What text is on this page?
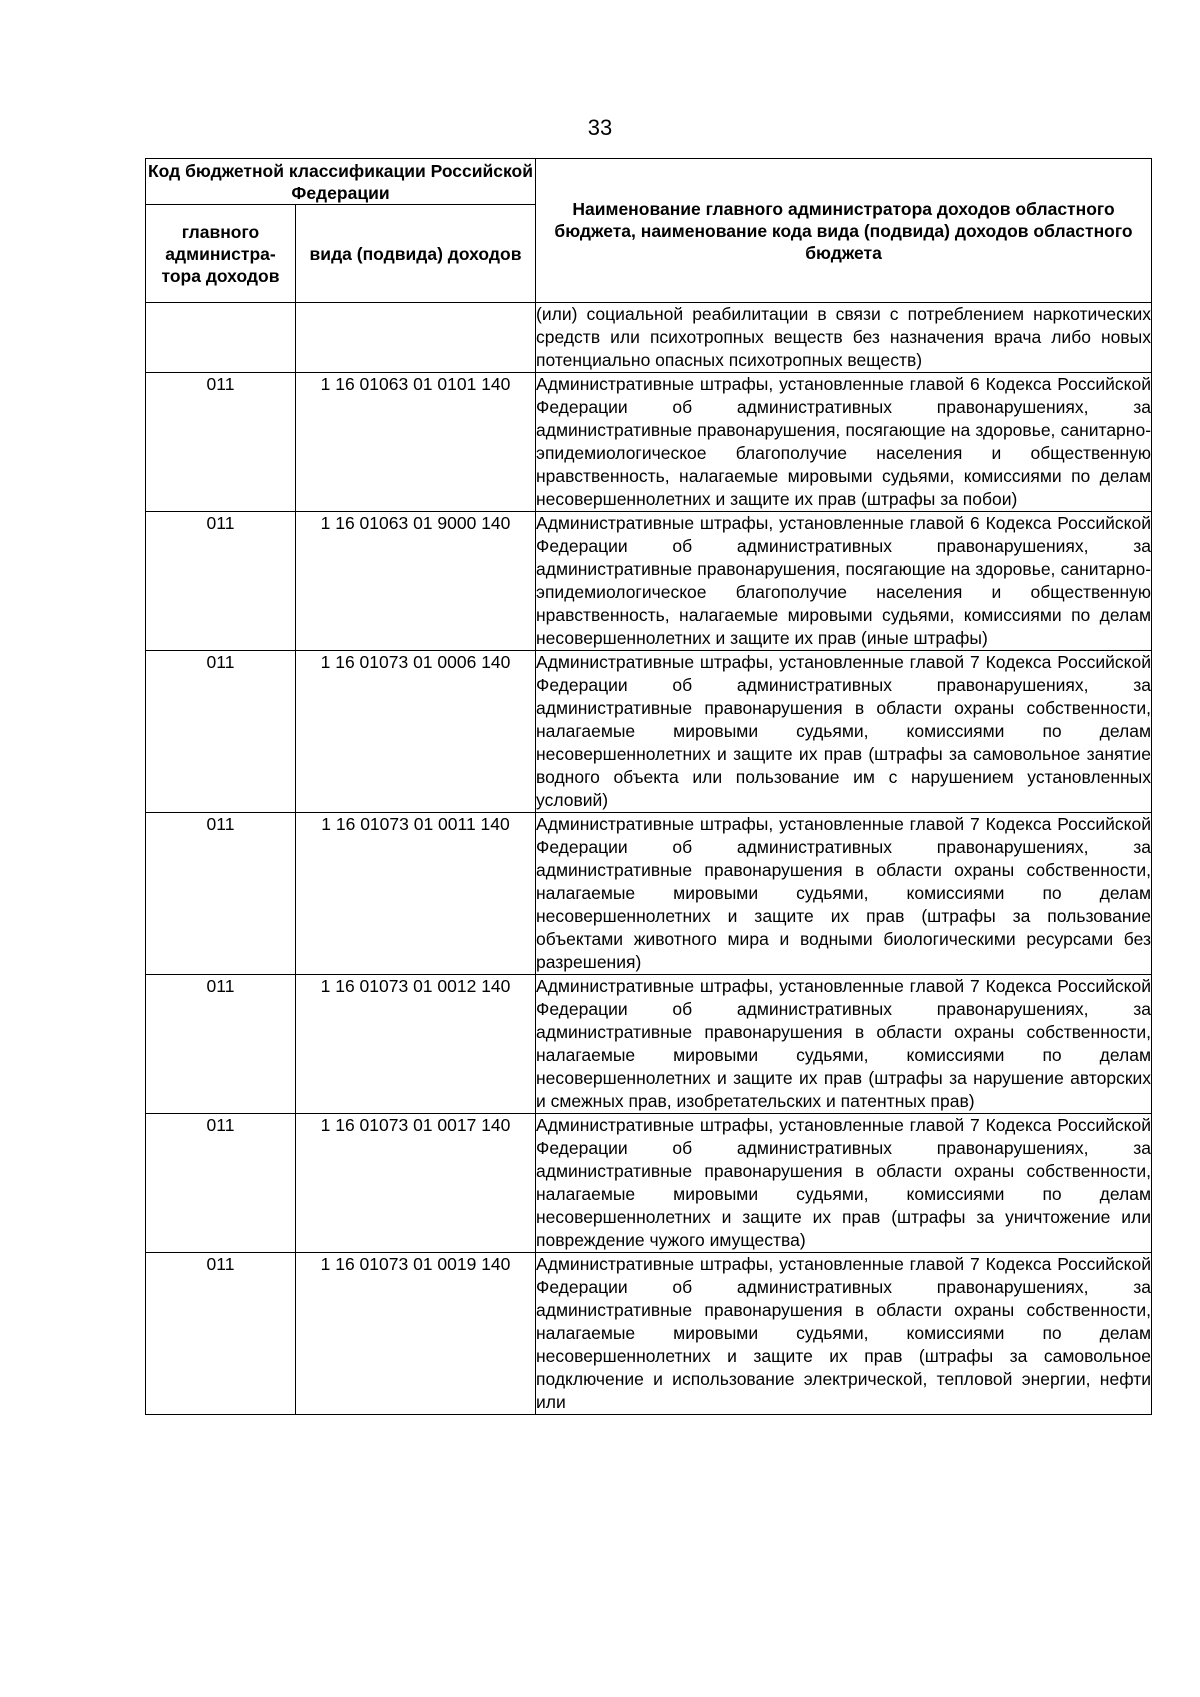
33
Код бюджетной классификации Российской Федерации		Наименование главного администратора доходов областного бюджета, наименование кода вида (подвида) доходов областного бюджета
главного администра-тора доходов	вида (подвида) доходов	
		(или) социальной реабилитации в связи с потреблением наркотических средств или психотропных веществ без назначения врача либо новых потенциально опасных психотропных веществ)
011	1 16 01063 01 0101 140	Административные штрафы, установленные главой 6 Кодекса Российской Федерации об административных правонарушениях, за административные правонарушения, посягающие на здоровье, санитарно-эпидемиологическое благополучие населения и общественную нравственность, налагаемые мировыми судьями, комиссиями по делам несовершеннолетних и защите их прав (штрафы за побои)
011	1 16 01063 01 9000 140	Административные штрафы, установленные главой 6 Кодекса Российской Федерации об административных правонарушениях, за административные правонарушения, посягающие на здоровье, санитарно-эпидемиологическое благополучие населения и общественную нравственность, налагаемые мировыми судьями, комиссиями по делам несовершеннолетних и защите их прав (иные штрафы)
011	1 16 01073 01 0006 140	Административные штрафы, установленные главой 7 Кодекса Российской Федерации об административных правонарушениях, за административные правонарушения в области охраны собственности, налагаемые мировыми судьями, комиссиями по делам несовершеннолетних и защите их прав (штрафы за самовольное занятие водного объекта или пользование им с нарушением установленных условий)
011	1 16 01073 01 0011 140	Административные штрафы, установленные главой 7 Кодекса Российской Федерации об административных правонарушениях, за административные правонарушения в области охраны собственности, налагаемые мировыми судьями, комиссиями по делам несовершеннолетних и защите их прав (штрафы за пользование объектами животного мира и водными биологическими ресурсами без разрешения)
011	1 16 01073 01 0012 140	Административные штрафы, установленные главой 7 Кодекса Российской Федерации об административных правонарушениях, за административные правонарушения в области охраны собственности, налагаемые мировыми судьями, комиссиями по делам несовершеннолетних и защите их прав (штрафы за нарушение авторских и смежных прав, изобретательских и патентных прав)
011	1 16 01073 01 0017 140	Административные штрафы, установленные главой 7 Кодекса Российской Федерации об административных правонарушениях, за административные правонарушения в области охраны собственности, налагаемые мировыми судьями, комиссиями по делам несовершеннолетних и защите их прав (штрафы за уничтожение или повреждение чужого имущества)
011	1 16 01073 01 0019 140	Административные штрафы, установленные главой 7 Кодекса Российской Федерации об административных правонарушениях, за административные правонарушения в области охраны собственности, налагаемые мировыми судьями, комиссиями по делам несовершеннолетних и защите их прав (штрафы за самовольное подключение и использование электрической, тепловой энергии, нефти или
